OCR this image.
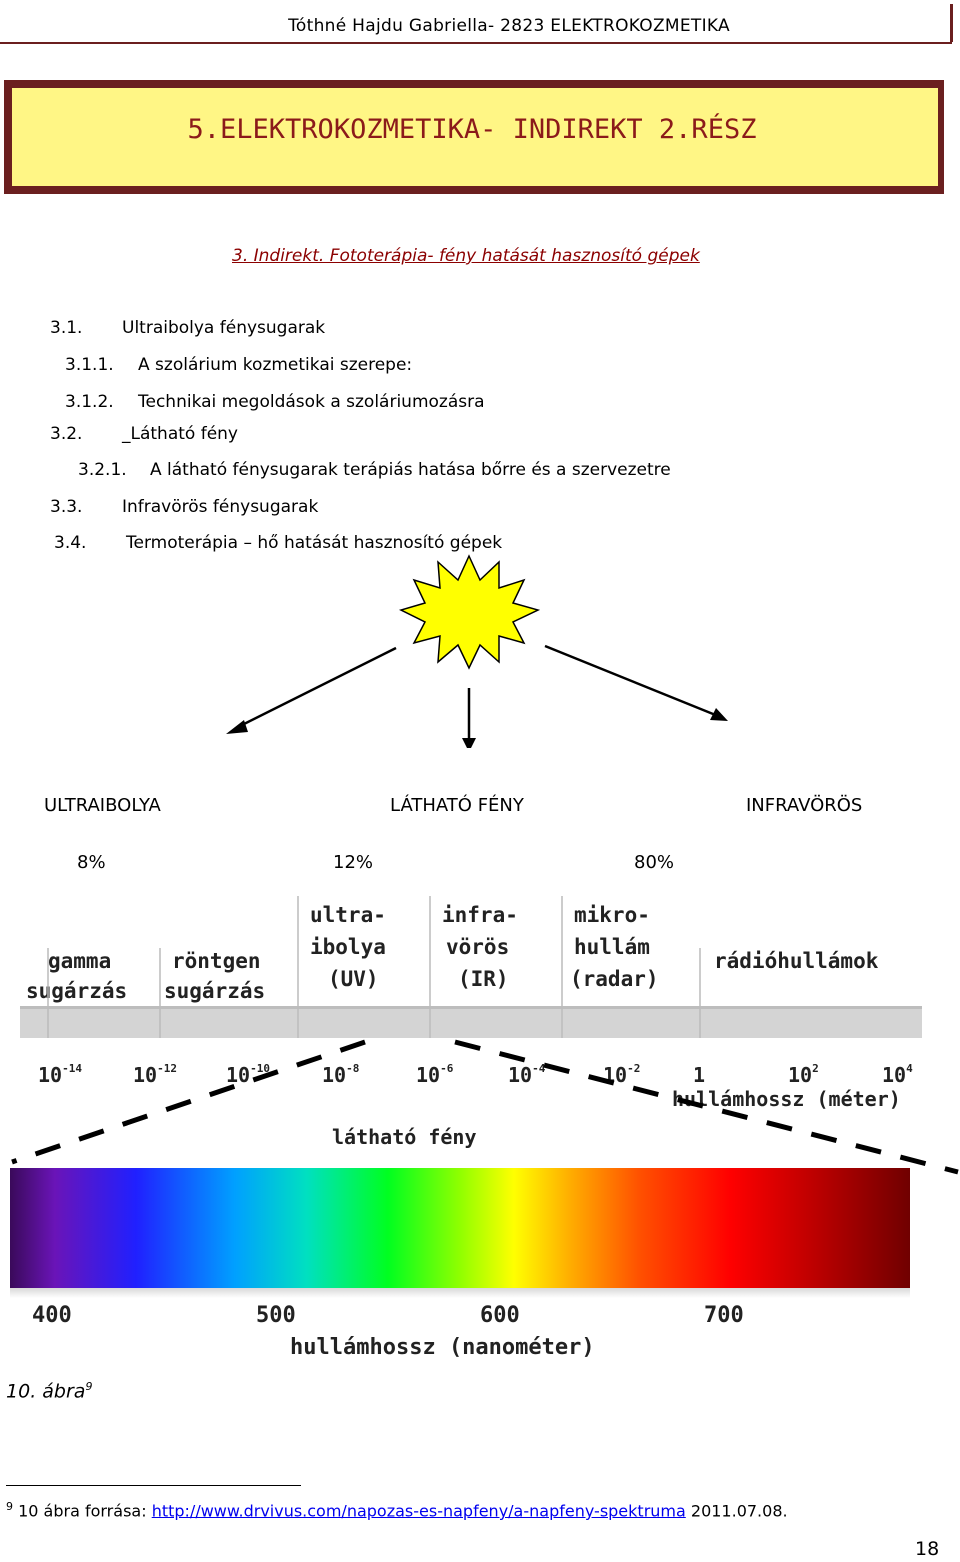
Tóthné Hajdu Gabriella- 2823 ELEKTROKOZMETIKA
5.ELEKTROKOZMETIKA- INDIREKT 2.RÉSZ
3. Indirekt. Fototerápia- fény hatását hasznosító gépek
3.1. Ultraibolya fénysugarak
3.1.1. A szolárium kozmetikai szerepe:
3.1.2. Technikai megoldások a szoláriumozásra
3.2. _Látható fény
3.2.1. A látható fénysugarak terápiás hatása bőrre és a szervezetre
3.3. Infravörös fénysugarak
3.4. Termoterápia – hő hatását hasznosító gépek
ULTRAIBOLYA	LÁTHATÓ FÉNY	INFRAVÖRÖS
8%	12%	80%
gamma
sugárzás
röntgen
sugárzás
ultra-
ibolya
(UV)
infra-
vörös
(IR)
mikro-
hullám
(radar)
rádióhullámok
$10^{-14}$	$10^{-12}$ $10^{-10}$	$10^{-8}$	$10^{-6}$	$10^{-4}$	$10^{-2}$	1	$10^2$	$10^4$
hullámhossz (méter)
látható fény
400	500	600	700
hullámhossz (nanométer)
10. ábra$^9$
$^9$ 10 ábra forrása: http://www.drvivus.com/napozas-es-napfeny/a-napfeny-spektruma 2011.07.08.
18
